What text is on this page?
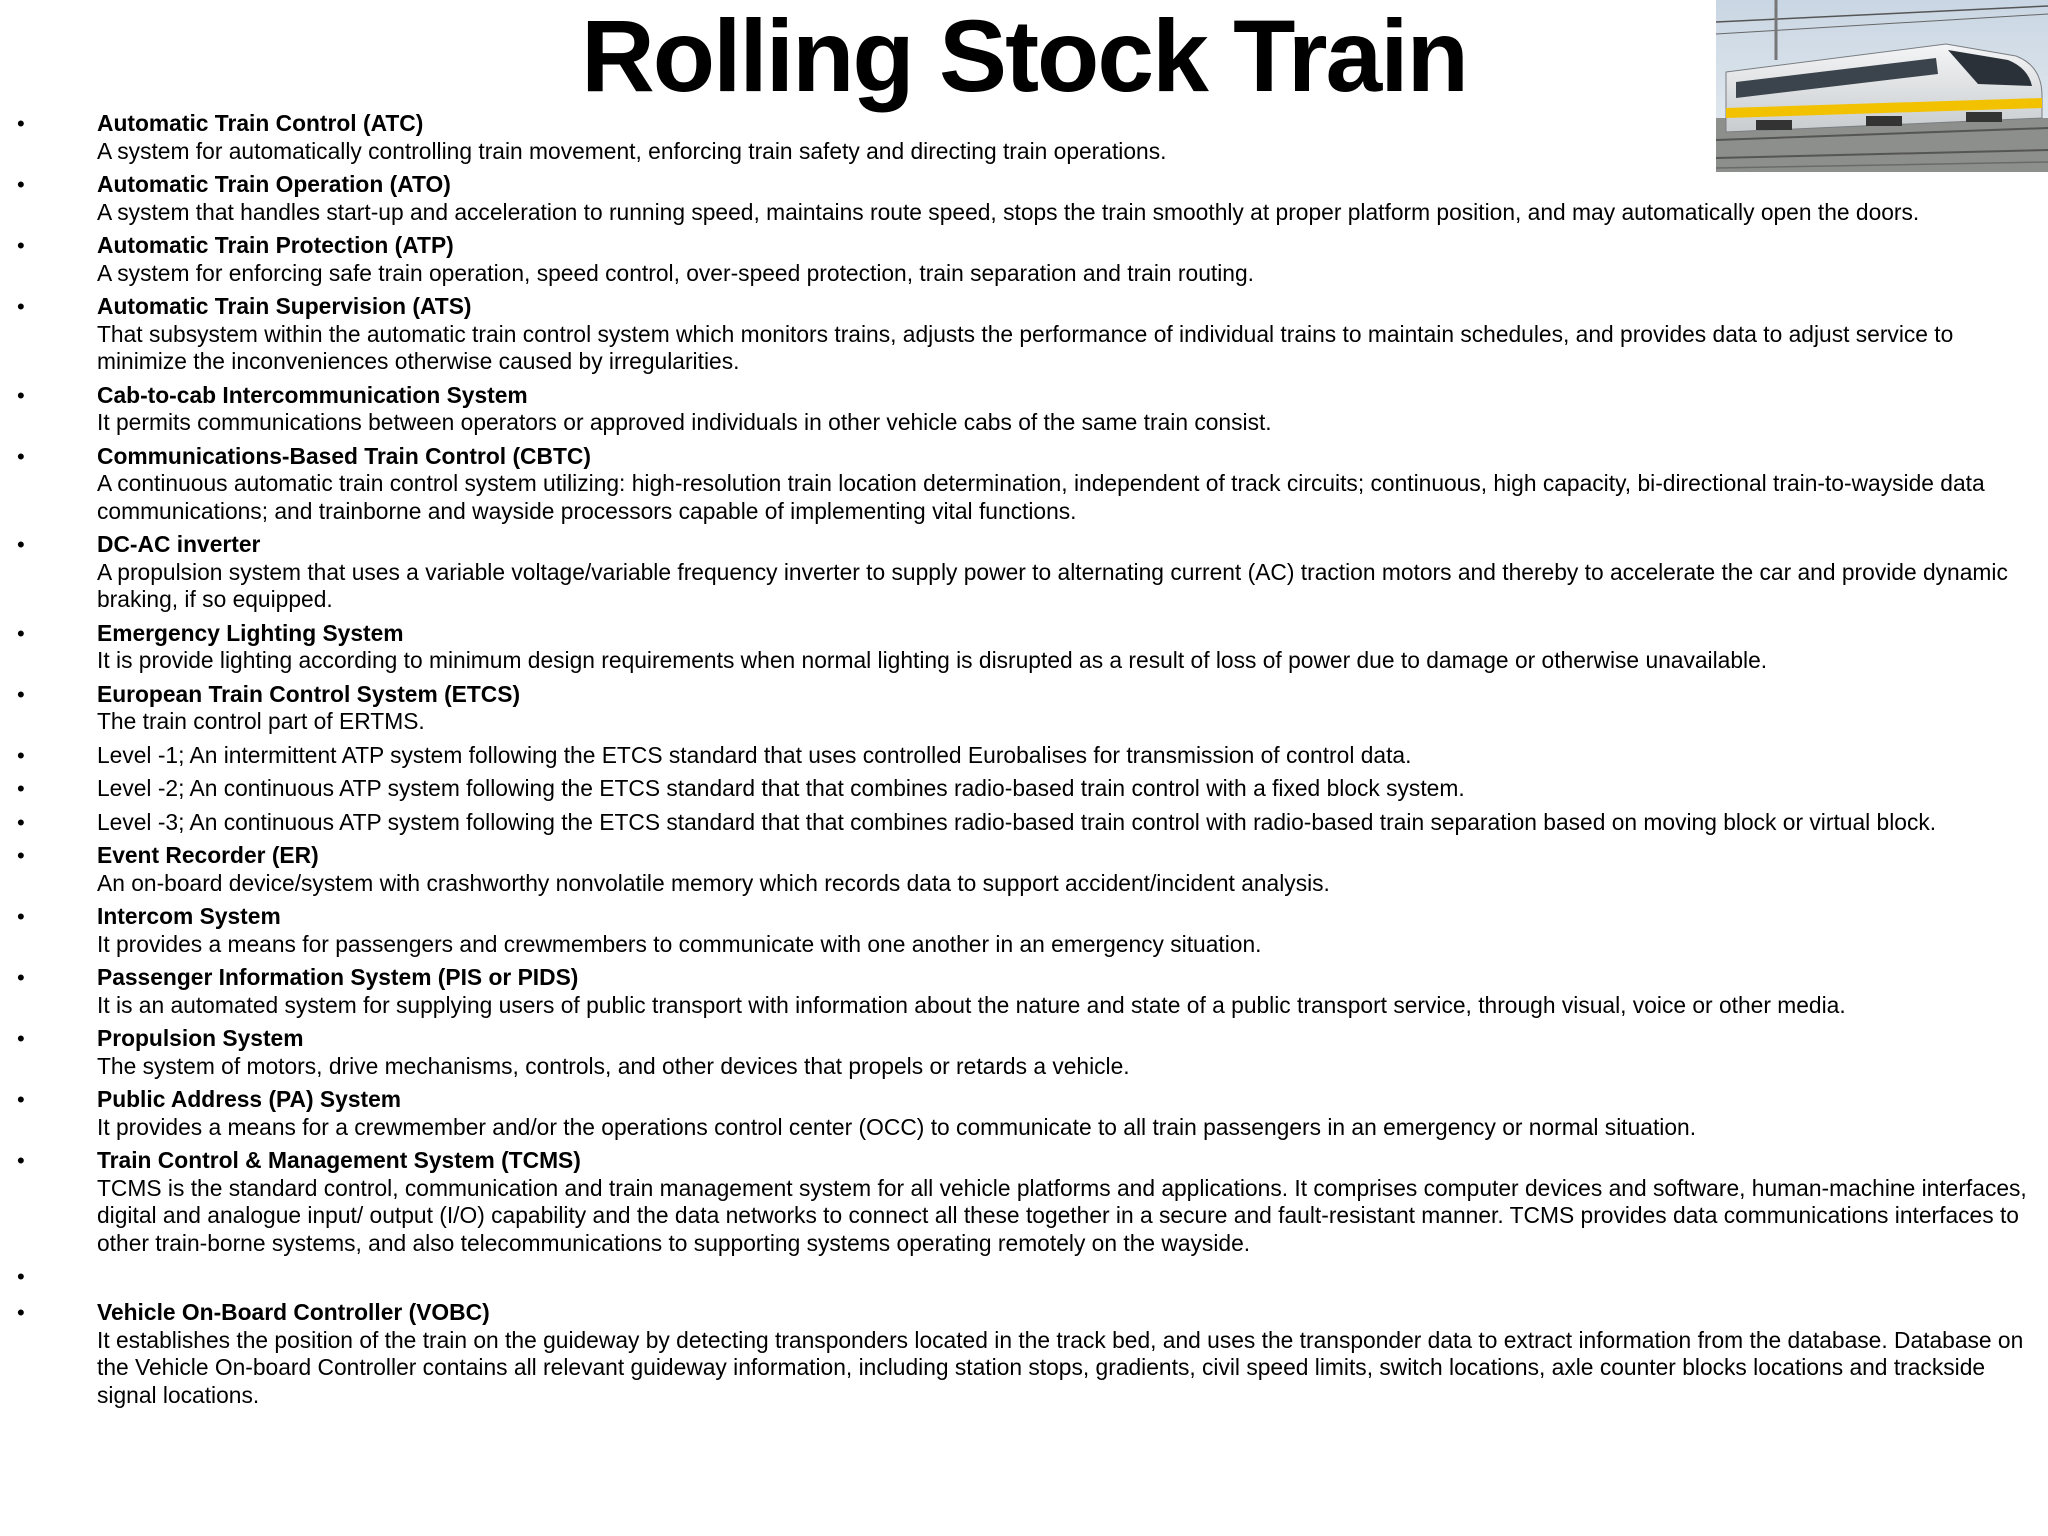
Rolling Stock Train
•	Automatic Train Control (ATC)
A system for automatically controlling train movement, enforcing train safety and directing train operations.
•	Automatic Train Operation (ATO)
A system that handles start-up and acceleration to running speed, maintains route speed, stops the train smoothly at proper platform position, and may automatically open the doors.
•	Automatic Train Protection (ATP)
A system for enforcing safe train operation, speed control, over-speed protection, train separation and train routing.
•	Automatic Train Supervision (ATS)
That subsystem within the automatic train control system which monitors trains, adjusts the performance of individual trains to maintain schedules, and provides data to adjust service to minimize the inconveniences otherwise caused by irregularities.
•	Cab-to-cab Intercommunication System
It permits communications between operators or approved individuals in other vehicle cabs of the same train consist.
•	Communications-Based Train Control (CBTC)
A continuous automatic train control system utilizing: high-resolution train location determination, independent of track circuits; continuous, high capacity, bi-directional train-to-wayside data communications; and trainborne and wayside processors capable of implementing vital functions.
•	DC-AC inverter
A propulsion system that uses a variable voltage/variable frequency inverter to supply power to alternating current (AC) traction motors and thereby to accelerate the car and provide dynamic braking, if so equipped.
•	Emergency Lighting System
It is provide lighting according to minimum design requirements when normal lighting is disrupted as a result of loss of power due to damage or otherwise unavailable.
•	European Train Control System (ETCS)
The train control part of ERTMS.
•	Level -1; An intermittent ATP system following the ETCS standard that uses controlled Eurobalises for transmission of control data.
•	Level -2; An continuous ATP system following the ETCS standard that that combines radio-based train control with a fixed block system.
•	Level -3; An continuous ATP system following the ETCS standard that that combines radio-based train control with radio-based train separation based on moving block or virtual block.
•	Event Recorder (ER)
An on-board device/system with crashworthy nonvolatile memory which records data to support accident/incident analysis.
•	Intercom System
It provides a means for passengers and crewmembers to communicate with one another in an emergency situation.
•	Passenger Information System (PIS or PIDS)
It is an automated system for supplying users of public transport with information about the nature and state of a public transport service, through visual, voice or other media.
•	Propulsion System
The system of motors, drive mechanisms, controls, and other devices that propels or retards a vehicle.
•	Public Address (PA) System
It provides a means for a crewmember and/or the operations control center (OCC) to communicate to all train passengers in an emergency or normal situation.
•	Train Control & Management System (TCMS)
TCMS is the standard control, communication and train management system for all vehicle platforms and applications. It comprises computer devices and software, human-machine interfaces, digital and analogue input/ output (I/O) capability and the data networks to connect all these together in a secure and fault-resistant manner. TCMS provides data communications interfaces to other train-borne systems, and also telecommunications to supporting systems operating remotely on the wayside.
•
•	Vehicle On-Board Controller (VOBC)
It establishes the position of the train on the guideway by detecting transponders located in the track bed, and uses the transponder data to extract information from the database. Database on the Vehicle On-board Controller contains all relevant guideway information, including station stops, gradients, civil speed limits, switch locations, axle counter blocks locations and trackside signal locations.
